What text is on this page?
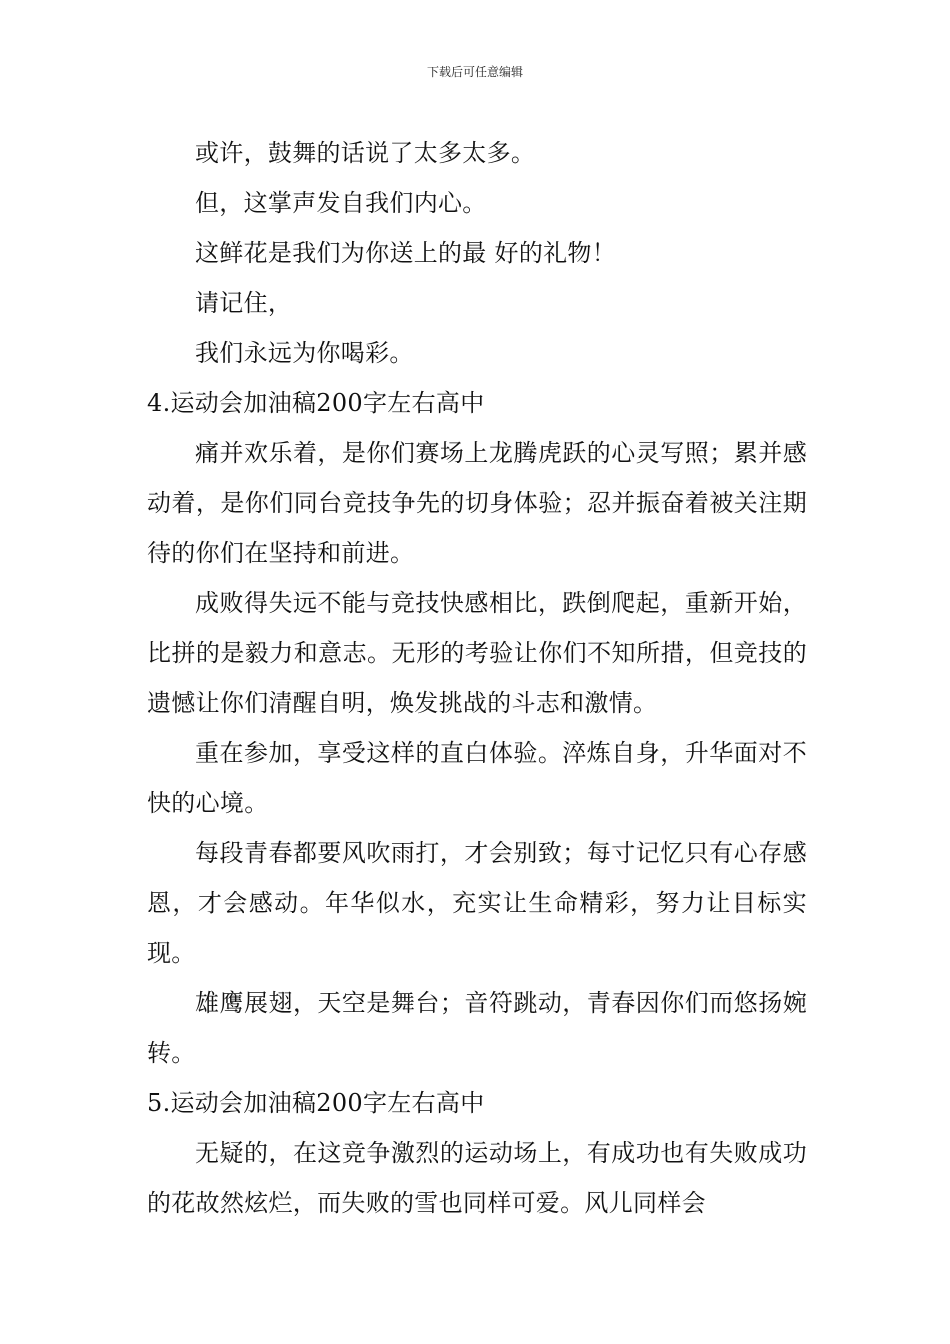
下载后可任意编辑

或许，鼓舞的话说了太多太多。

但，这掌声发自我们内心。

这鲜花是我们为你送上的最 好的礼物！

请记住，

我们永远为你喝彩。

4.运动会加油稿200字左右高中

痛并欢乐着，是你们赛场上龙腾虎跃的心灵写照；累并感动着，是你们同台竞技争先的切身体验；忍并振奋着被关注期待的你们在坚持和前进。

成败得失远不能与竞技快感相比，跌倒爬起，重新开始，比拼的是毅力和意志。无形的考验让你们不知所措，但竞技的遗憾让你们清醒自明，焕发挑战的斗志和激情。

重在参加，享受这样的直白体验。淬炼自身，升华面对不快的心境。

每段青春都要风吹雨打，才会别致；每寸记忆只有心存感恩，才会感动。年华似水，充实让生命精彩，努力让目标实现。

雄鹰展翅，天空是舞台；音符跳动，青春因你们而悠扬婉转。

5.运动会加油稿200字左右高中

无疑的，在这竞争激烈的运动场上，有成功也有失败成功的花故然炫烂，而失败的雪也同样可爱。风儿同样会
